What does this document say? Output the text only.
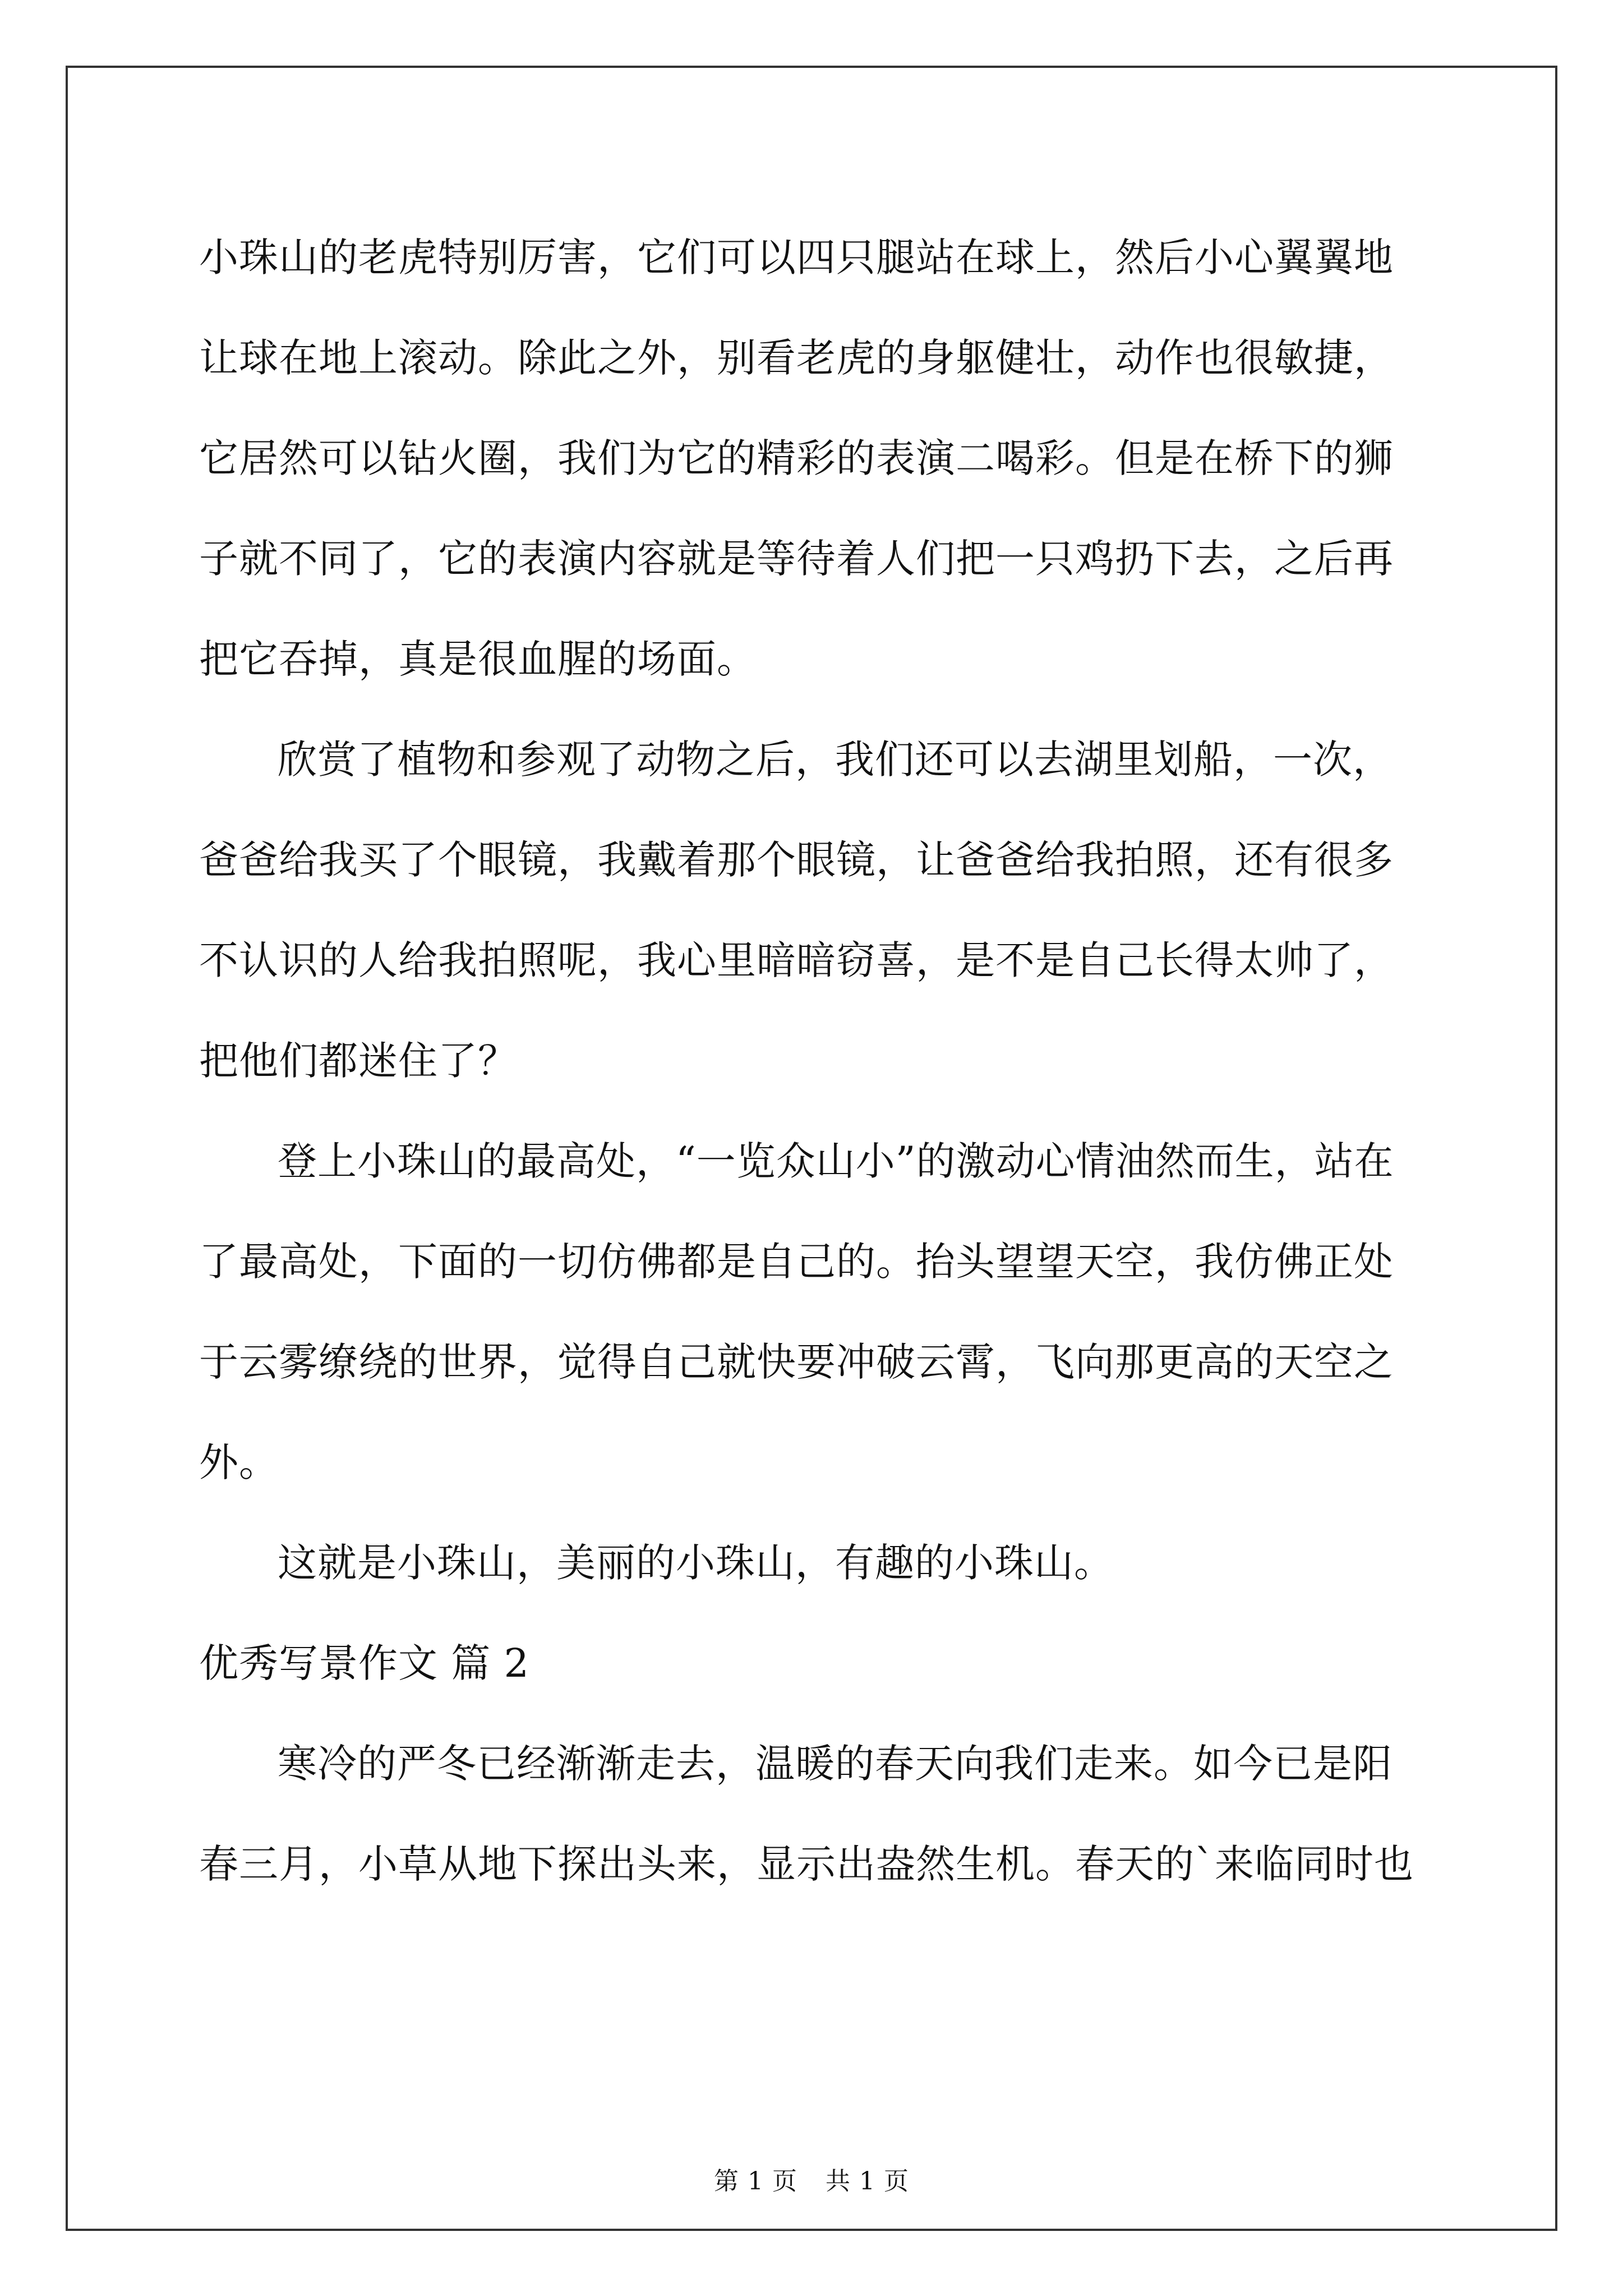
小珠山的老虎特别厉害，它们可以四只腿站在球上，然后小心翼翼地让球在地上滚动。除此之外，别看老虎的身躯健壮，动作也很敏捷，它居然可以钻火圈，我们为它的精彩的表演二喝彩。但是在桥下的狮子就不同了，它的表演内容就是等待着人们把一只鸡扔下去，之后再把它吞掉，真是很血腥的场面。

欣赏了植物和参观了动物之后，我们还可以去湖里划船，一次，爸爸给我买了个眼镜，我戴着那个眼镜，让爸爸给我拍照，还有很多不认识的人给我拍照呢，我心里暗暗窃喜，是不是自己长得太帅了，把他们都迷住了？

登上小珠山的最高处，“一览众山小”的激动心情油然而生，站在了最高处，下面的一切仿佛都是自己的。抬头望望天空，我仿佛正处于云雾缭绕的世界，觉得自己就快要冲破云霄，飞向那更高的天空之外。

这就是小珠山，美丽的小珠山，有趣的小珠山。

优秀写景作文 篇 2

寒冷的严冬已经渐渐走去，温暖的春天向我们走来。如今已是阳春三月，小草从地下探出头来，显示出盎然生机。春天的`来临同时也

第 1 页 共 1 页
